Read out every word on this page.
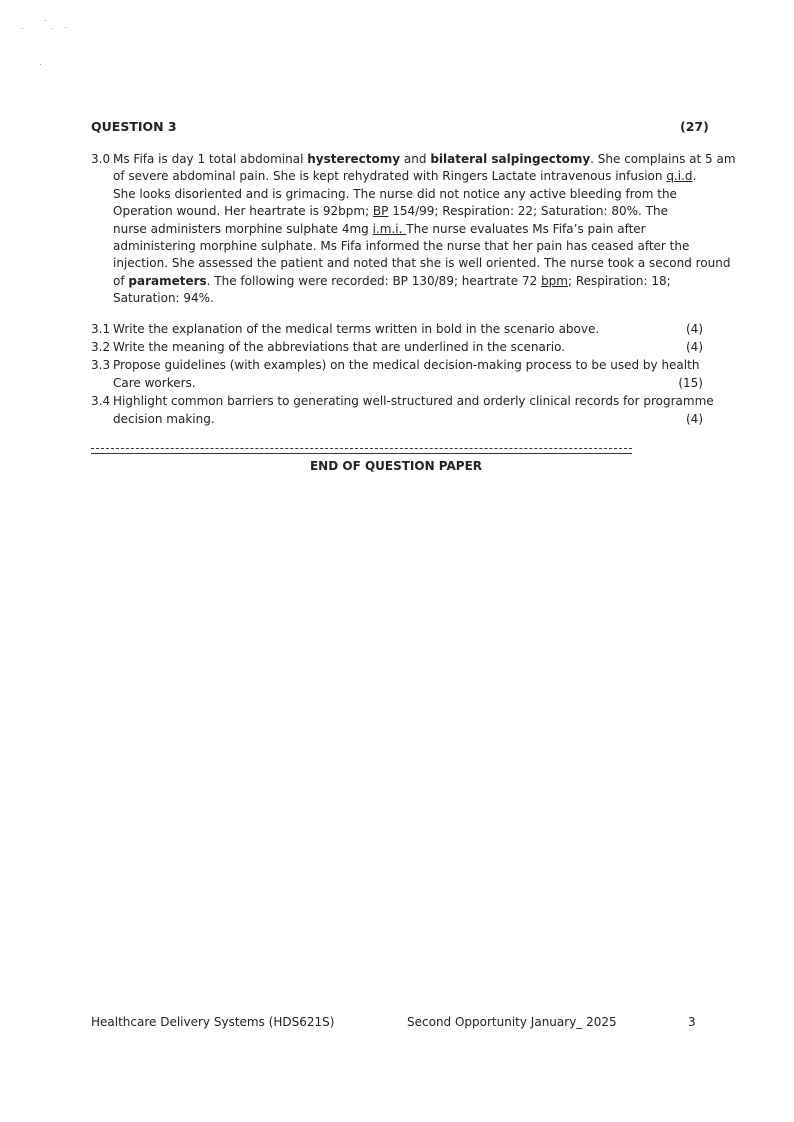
QUESTION 3	(27)
3.0 Ms Fifa is day 1 total abdominal hysterectomy and bilateral salpingectomy. She complains at 5 am
of severe abdominal pain. She is kept rehydrated with Ringers Lactate intravenous infusion q.i.d.
She looks disoriented and is grimacing. The nurse did not notice any active bleeding from the
Operation wound. Her heartrate is 92bpm; BP 154/99; Respiration: 22; Saturation: 80%. The
nurse administers morphine sulphate 4mg i.m.i. The nurse evaluates Ms Fifa’s pain after
administering morphine sulphate. Ms Fifa informed the nurse that her pain has ceased after the
injection. She assessed the patient and noted that she is well oriented. The nurse took a second round
of parameters. The following were recorded: BP 130/89; heartrate 72 bpm; Respiration: 18;
Saturation: 94%.
3.1 Write the explanation of the medical terms written in bold in the scenario above.	(4)
3.2 Write the meaning of the abbreviations that are underlined in the scenario.	(4)
3.3 Propose guidelines (with examples) on the medical decision-making process to be used by health
Care workers.	(15)
3.4 Highlight common barriers to generating well-structured and orderly clinical records for programme
decision making.	(4)
END OF QUESTION PAPER
Healthcare Delivery Systems (HDS621S)	Second Opportunity January_ 2025	3
